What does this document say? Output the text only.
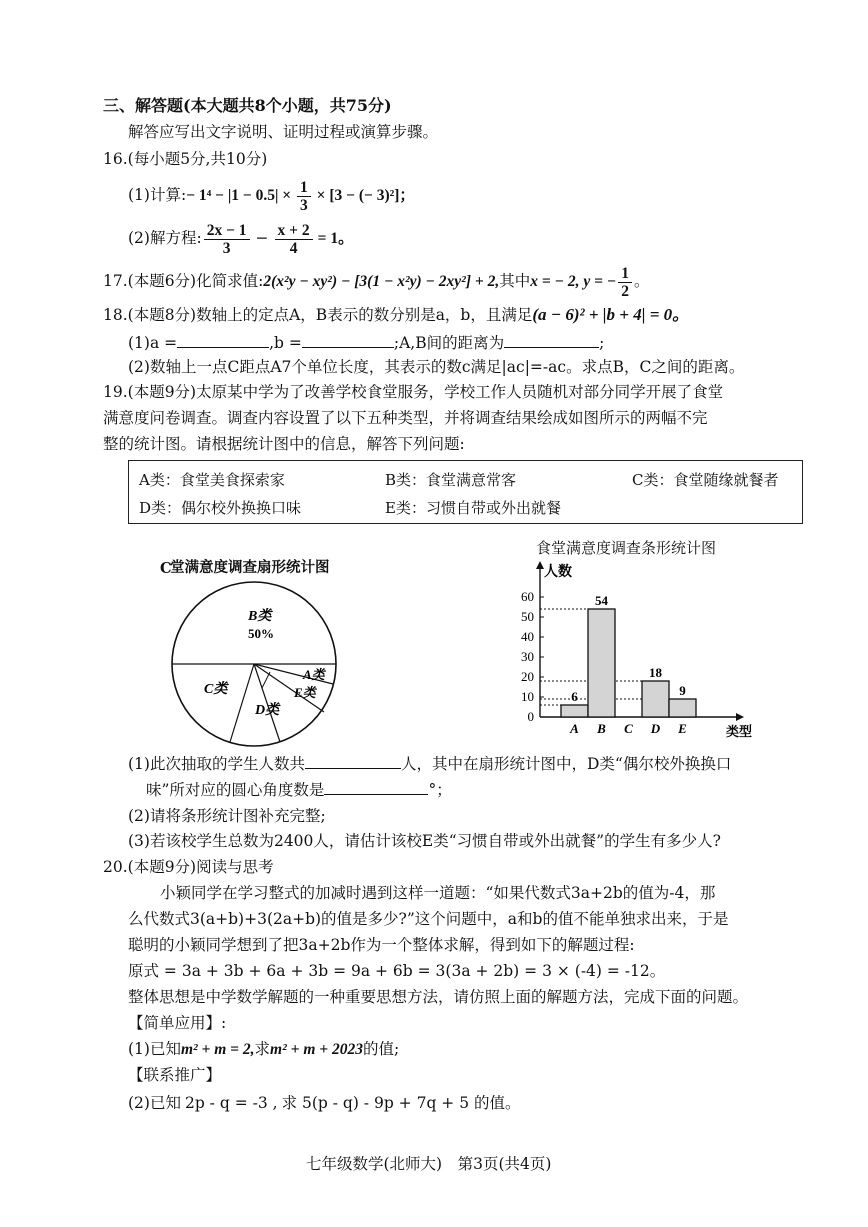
三、解答题(本大题共8个小题，共75分)
解答应写出文字说明、证明过程或演算步骤。
16.(每小题5分,共10分)
(1)计算:− $1^4 - |1 - 0.5| \times \frac{1}{3} \times [3$ − (− 3)²]；
(2)解方程: $\frac{2x - 1}{3} - \frac{x + 2}{4} = 1$。
17.(本题6分)化简求值:2(x²y − xy²) − [3(1 − x²y) − 2xy²] + 2,其中x = − 2, y = − $\frac{1}{2}$ 。
18.(本题8分)数轴上的定点A，B表示的数分别是a，b，且满足(a − 6)² + |b + 4| = 0。
(1)a =	,b =	;A,B间的距离为	;
(2)数轴上一点C距点A7个单位长度，其表示的数c满足|ac|=-ac。求点B，C之间的距离。
19.(本题9分)太原某中学为了改善学校食堂服务，学校工作人员随机对部分同学开展了食堂
满意度问卷调查。调查内容设置了以下五种类型，并将调查结果绘成如图所示的两幅不完
整的统计图。请根据统计图中的信息，解答下列问题:
A类：食堂美食探索家	B类：食堂满意常客	C类：食堂随缘就餐者
D类：偶尔校外换换口味	E类：习惯自带或外出就餐
C堂满意度调查扇形统计图
B类
50%
A类
C类	E类
D类
食堂满意度调查条形统计图
0
10
20
30
40
50
60
A
6
B
54
C D
18
E
9
人数
类型
(1)此次抽取的学生人数共	人，其中在扇形统计图中，D类“偶尔校外换换口
味”所对应的圆心角度数是	°；
(2)请将条形统计图补充完整;
(3)若该校学生总数为2400人，请估计该校E类“习惯自带或外出就餐”的学生有多少人?
20.(本题9分)阅读与思考
小颖同学在学习整式的加减时遇到这样一道题：“如果代数式3a+2b的值为-4，那
么代数式3(a+b)+3(2a+b)的值是多少?”这个问题中，a和b的值不能单独求出来，于是
聪明的小颖同学想到了把3a+2b作为一个整体求解，得到如下的解题过程:
原式 = 3a + 3b + 6a + 3b = 9a + 6b = 3(3a + 2b) = 3 × (-4) = -12。
整体思想是中学数学解题的一种重要思想方法，请仿照上面的解题方法，完成下面的问题。
【简单应用】:
(1)已知m² + m = 2,求m² + m + 2023的值;
【联系推广】
(2)已知 2p - q = -3 , 求 5(p - q) - 9p + 7q + 5 的值。
七年级数学(北师大)　第3页(共4页)
